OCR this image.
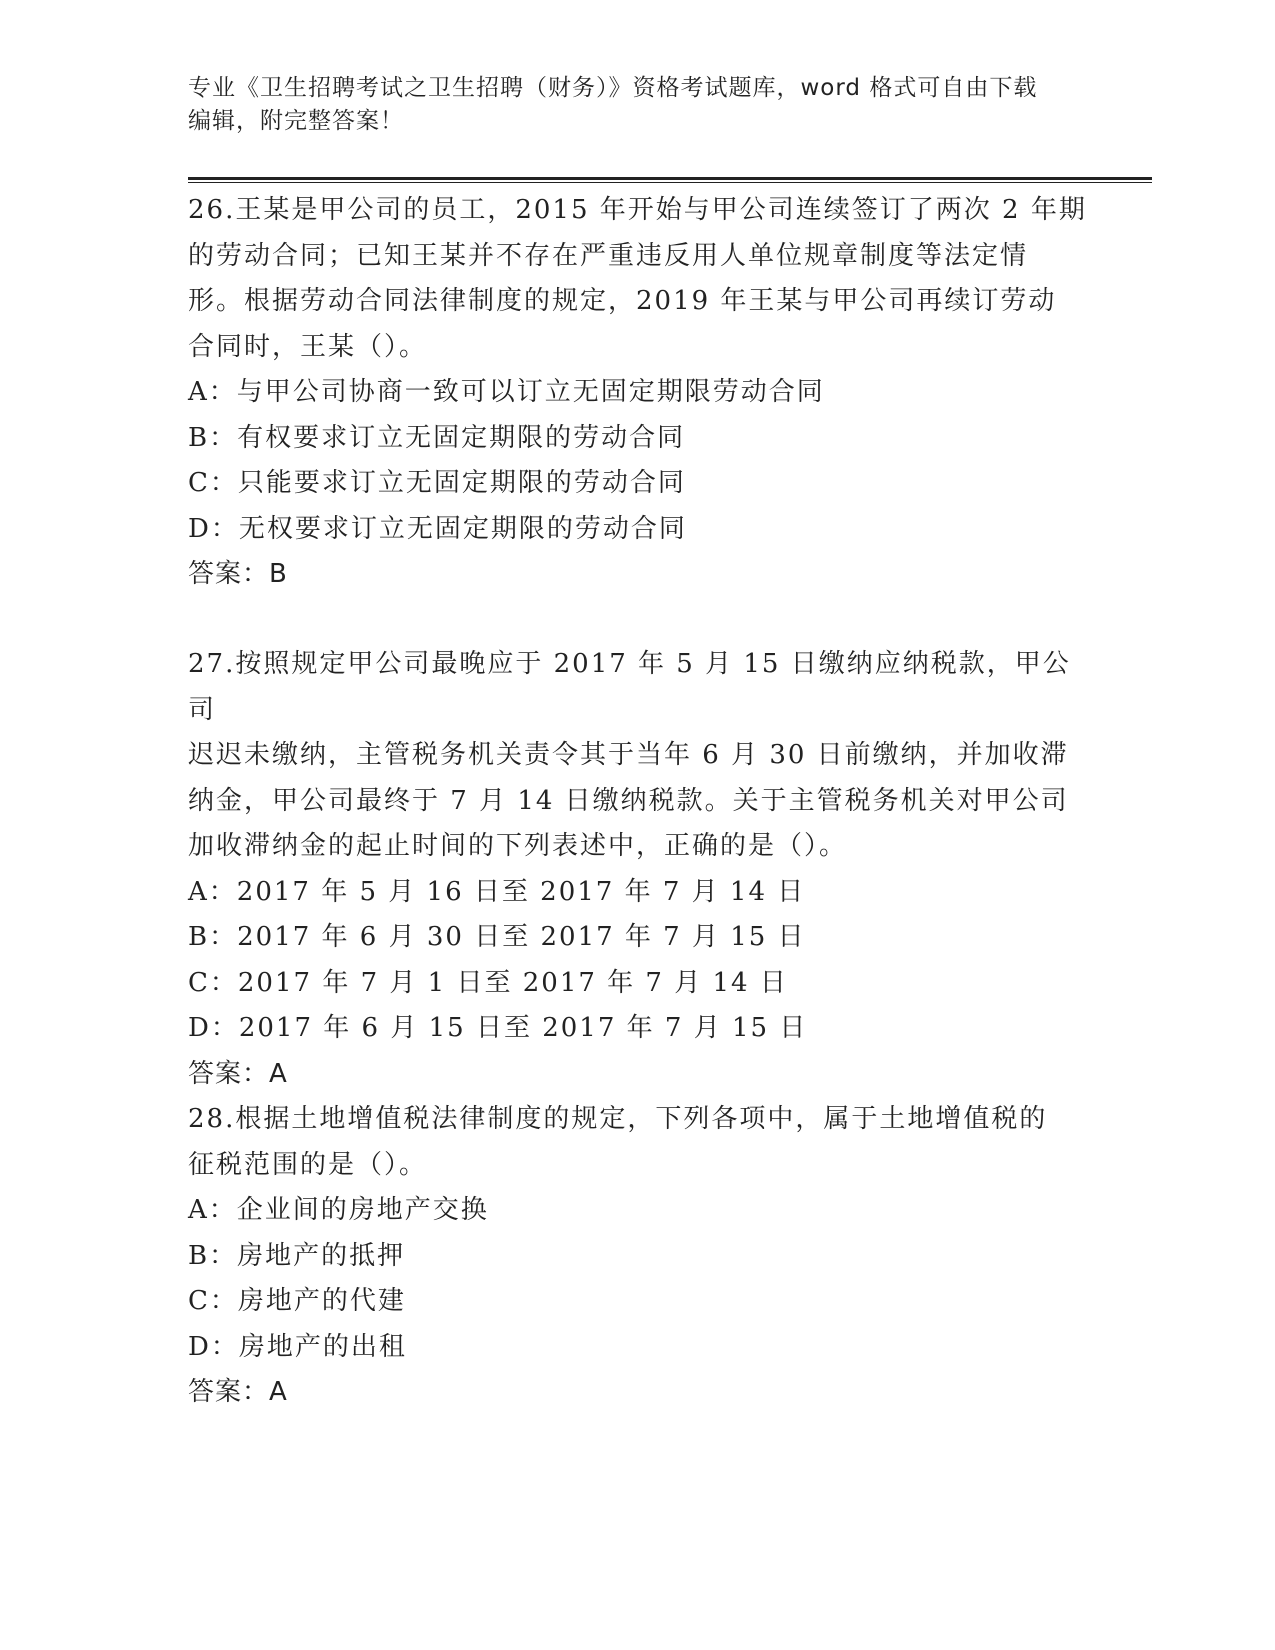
专业《卫生招聘考试之卫生招聘（财务）》资格考试题库，word 格式可自由下载
编辑，附完整答案！

26.王某是甲公司的员工，2015 年开始与甲公司连续签订了两次 2 年期

的劳动合同；已知王某并不存在严重违反用人单位规章制度等法定情

形。根据劳动合同法律制度的规定，2019 年王某与甲公司再续订劳动

合同时，王某（）。

A：与甲公司协商一致可以订立无固定期限劳动合同

B：有权要求订立无固定期限的劳动合同

C：只能要求订立无固定期限的劳动合同

D：无权要求订立无固定期限的劳动合同

答案：B

27.按照规定甲公司最晚应于 2017 年 5 月 15 日缴纳应纳税款，甲公司

迟迟未缴纳，主管税务机关责令其于当年 6 月 30 日前缴纳，并加收滞

纳金，甲公司最终于 7 月 14 日缴纳税款。关于主管税务机关对甲公司

加收滞纳金的起止时间的下列表述中，正确的是（）。

A：2017 年 5 月 16 日至 2017 年 7 月 14 日

B：2017 年 6 月 30 日至 2017 年 7 月 15 日

C：2017 年 7 月 1 日至 2017 年 7 月 14 日

D：2017 年 6 月 15 日至 2017 年 7 月 15 日

答案：A

28.根据土地增值税法律制度的规定，下列各项中，属于土地增值税的

征税范围的是（）。

A：企业间的房地产交换

B：房地产的抵押

C：房地产的代建

D：房地产的出租

答案：A
